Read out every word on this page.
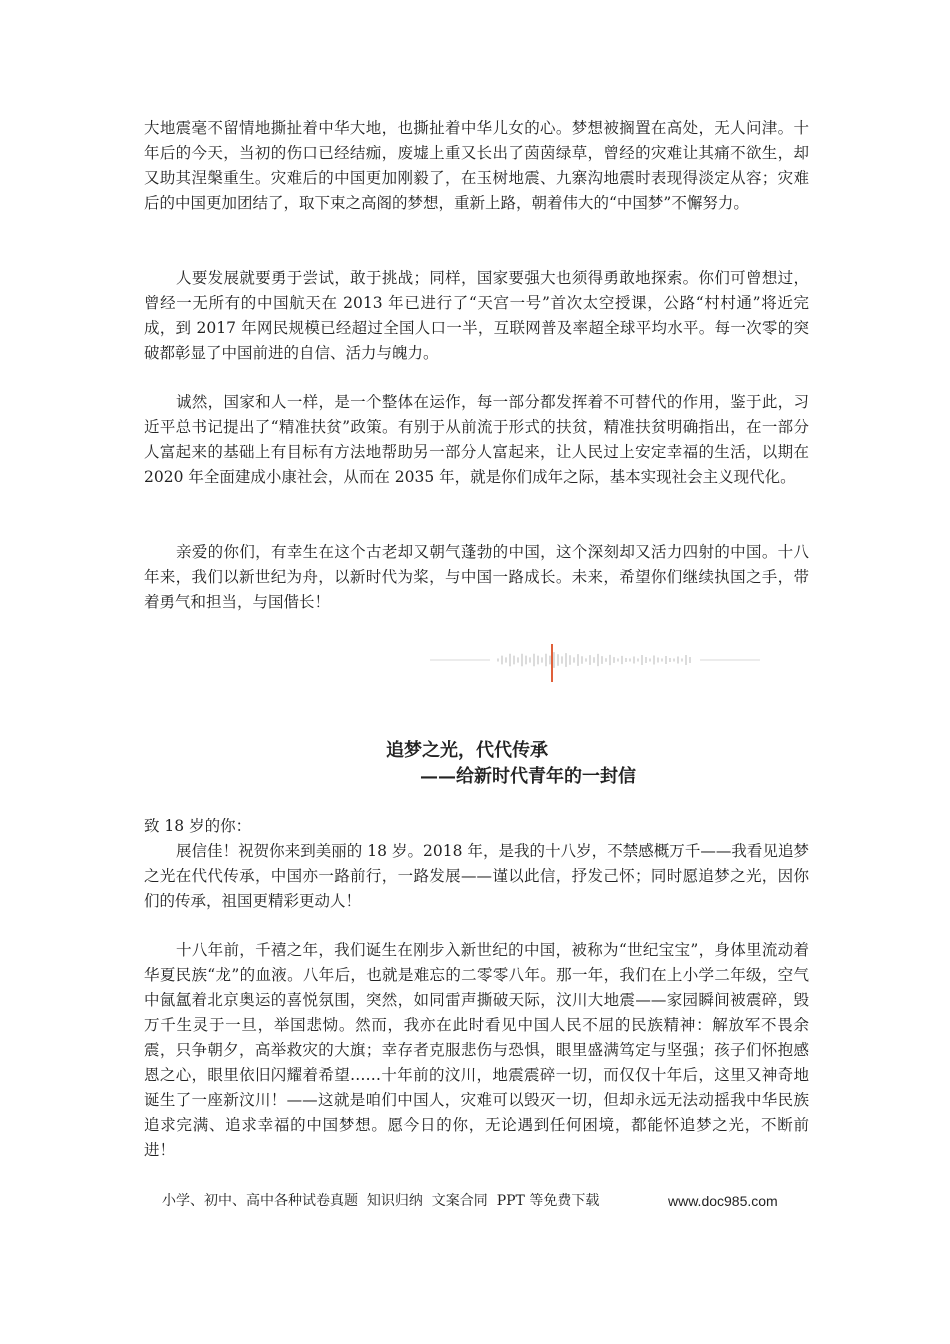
大地震毫不留情地撕扯着中华大地，也撕扯着中华儿女的心。梦想被搁置在高处，无人问津。十年后的今天，当初的伤口已经结痂，废墟上重又长出了茵茵绿草，曾经的灾难让其痛不欲生，却又助其涅槃重生。灾难后的中国更加刚毅了，在玉树地震、九寨沟地震时表现得淡定从容；灾难后的中国更加团结了，取下束之高阁的梦想，重新上路，朝着伟大的“中国梦”不懈努力。

人要发展就要勇于尝试，敢于挑战；同样，国家要强大也须得勇敢地探索。你们可曾想过，曾经一无所有的中国航天在 2013 年已进行了“天宫一号”首次太空授课，公路“村村通”将近完成，到 2017 年网民规模已经超过全国人口一半，互联网普及率超全球平均水平。每一次零的突破都彰显了中国前进的自信、活力与魄力。

诚然，国家和人一样，是一个整体在运作，每一部分都发挥着不可替代的作用，鉴于此，习近平总书记提出了“精准扶贫”政策。有别于从前流于形式的扶贫，精准扶贫明确指出，在一部分人富起来的基础上有目标有方法地帮助另一部分人富起来，让人民过上安定幸福的生活，以期在 2020 年全面建成小康社会，从而在 2035 年，就是你们成年之际，基本实现社会主义现代化。

亲爱的你们，有幸生在这个古老却又朝气蓬勃的中国，这个深刻却又活力四射的中国。十八年来，我们以新世纪为舟，以新时代为桨，与中国一路成长。未来，希望你们继续执国之手，带着勇气和担当，与国偕长！

追梦之光，代代传承
——给新时代青年的一封信

致 18 岁的你：

展信佳！祝贺你来到美丽的 18 岁。2018 年，是我的十八岁，不禁感概万千——我看见追梦之光在代代传承，中国亦一路前行，一路发展——谨以此信，抒发己怀；同时愿追梦之光，因你们的传承，祖国更精彩更动人！

十八年前，千禧之年，我们诞生在刚步入新世纪的中国，被称为“世纪宝宝”，身体里流动着华夏民族“龙”的血液。八年后，也就是难忘的二零零八年。那一年，我们在上小学二年级，空气中氤氲着北京奥运的喜悦氛围，突然，如同雷声撕破天际，汶川大地震——家园瞬间被震碎，毁万千生灵于一旦，举国悲恸。然而，我亦在此时看见中国人民不屈的民族精神：解放军不畏余震，只争朝夕，高举救灾的大旗；幸存者克服悲伤与恐惧，眼里盛满笃定与坚强；孩子们怀抱感恩之心，眼里依旧闪耀着希望……十年前的汶川，地震震碎一切，而仅仅十年后，这里又神奇地诞生了一座新汶川！——这就是咱们中国人，灾难可以毁灭一切，但却永远无法动摇我中华民族追求完满、追求幸福的中国梦想。愿今日的你，无论遇到任何困境，都能怀追梦之光，不断前进！

小学、初中、高中各种试卷真题  知识归纳  文案合同  PPT 等免费下载	www.doc985.com
